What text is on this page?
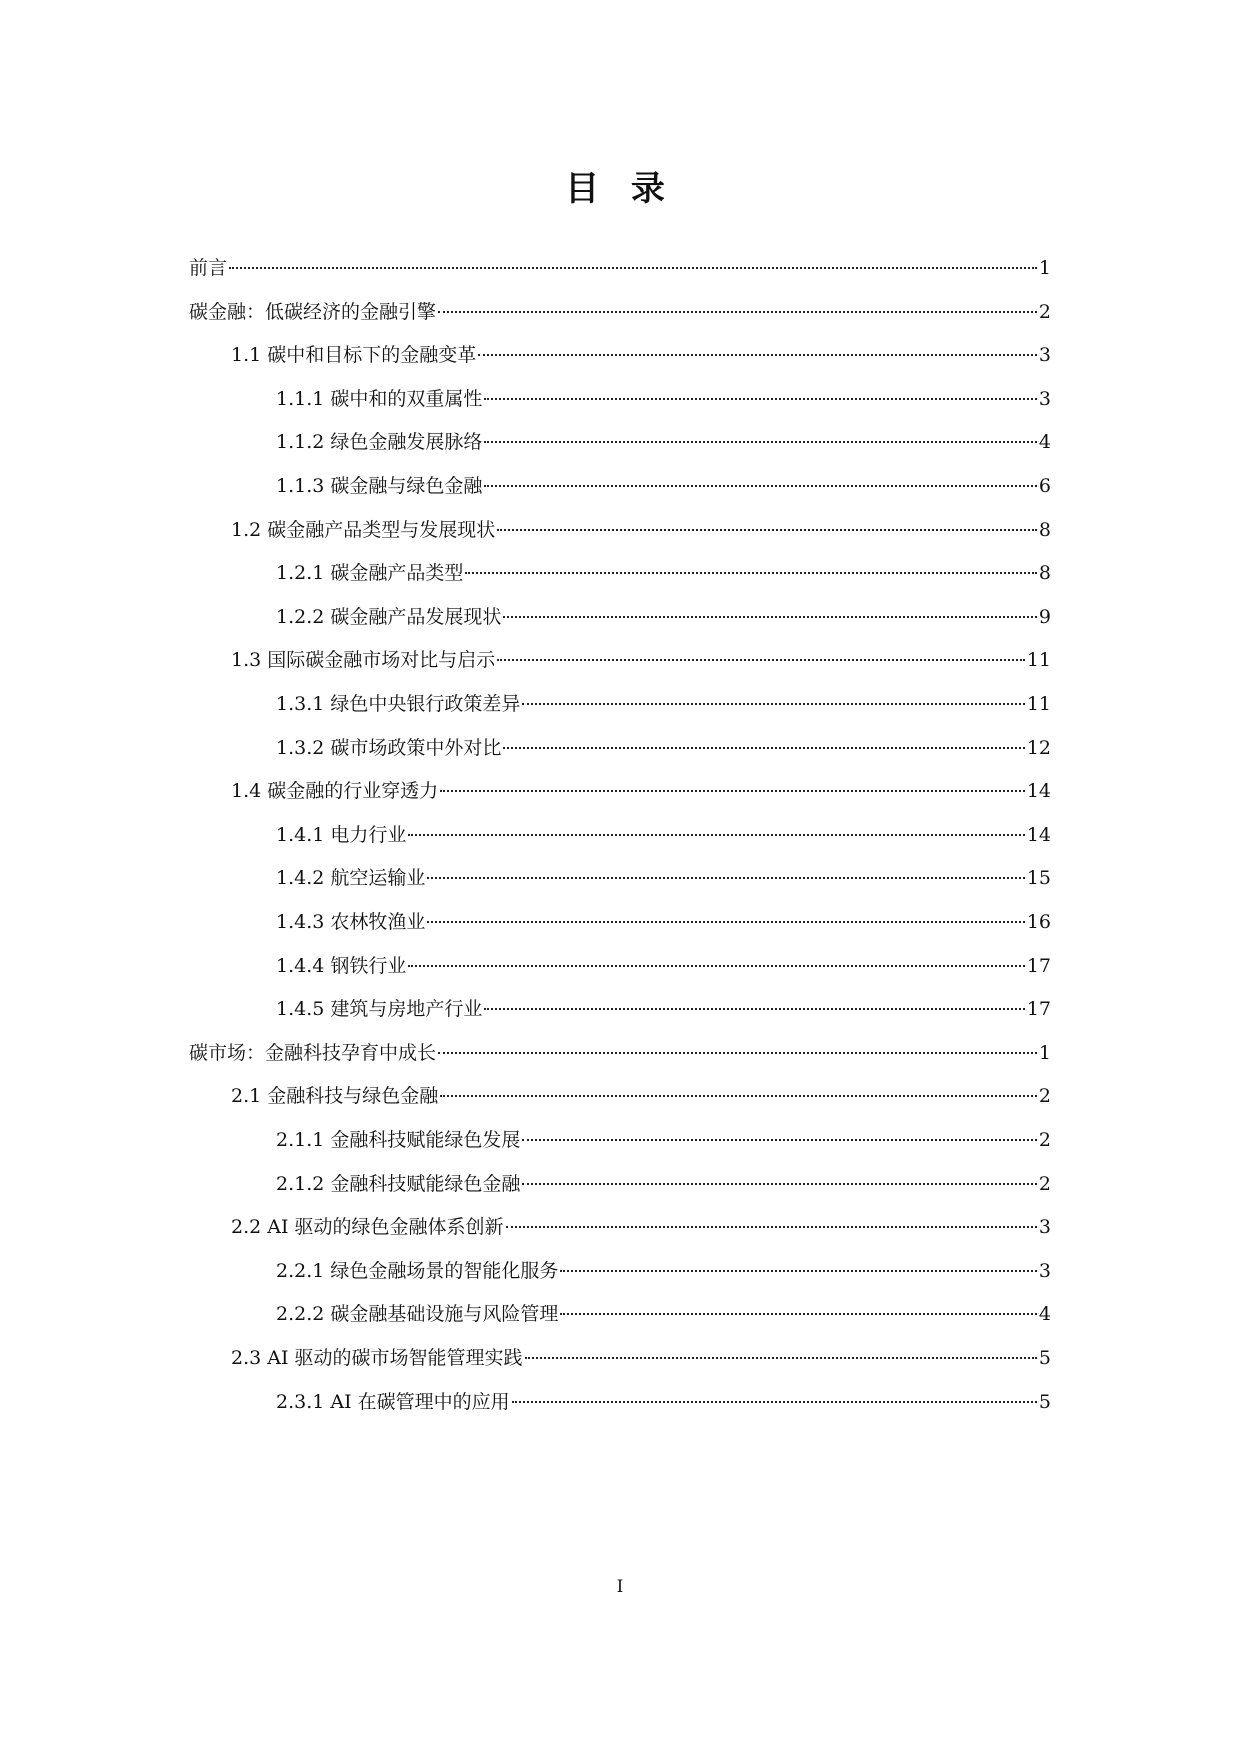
目 录
前言	1
碳金融：低碳经济的金融引擎	2
1.1 碳中和目标下的金融变革	3
1.1.1 碳中和的双重属性	3
1.1.2 绿色金融发展脉络	4
1.1.3 碳金融与绿色金融	6
1.2 碳金融产品类型与发展现状	8
1.2.1 碳金融产品类型	8
1.2.2 碳金融产品发展现状	9
1.3 国际碳金融市场对比与启示	11
1.3.1 绿色中央银行政策差异	11
1.3.2 碳市场政策中外对比	12
1.4 碳金融的行业穿透力	14
1.4.1 电力行业	14
1.4.2 航空运输业	15
1.4.3 农林牧渔业	16
1.4.4 钢铁行业	17
1.4.5 建筑与房地产行业	17
碳市场：金融科技孕育中成长	1
2.1 金融科技与绿色金融	2
2.1.1 金融科技赋能绿色发展	2
2.1.2 金融科技赋能绿色金融	2
2.2 AI 驱动的绿色金融体系创新	3
2.2.1 绿色金融场景的智能化服务	3
2.2.2 碳金融基础设施与风险管理	4
2.3 AI 驱动的碳市场智能管理实践	5
2.3.1 AI 在碳管理中的应用	5
I
